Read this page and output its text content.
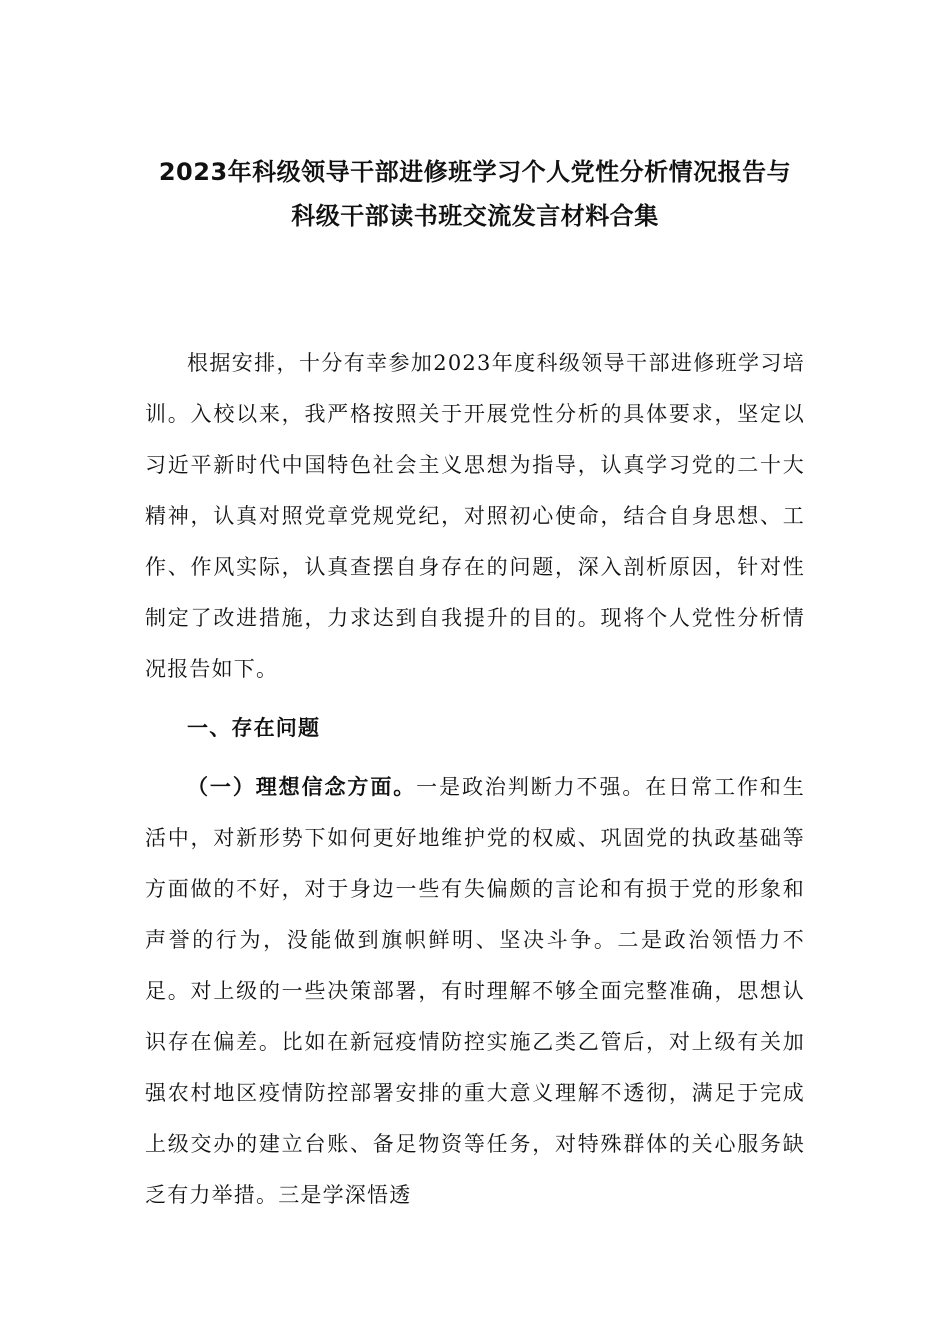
2023年科级领导干部进修班学习个人党性分析情况报告与
科级干部读书班交流发言材料合集

根据安排，十分有幸参加2023年度科级领导干部进修班学习培训。入校以来，我严格按照关于开展党性分析的具体要求，坚定以习近平新时代中国特色社会主义思想为指导，认真学习党的二十大精神，认真对照党章党规党纪，对照初心使命，结合自身思想、工作、作风实际，认真查摆自身存在的问题，深入剖析原因，针对性制定了改进措施，力求达到自我提升的目的。现将个人党性分析情况报告如下。

一、存在问题

（一）理想信念方面。一是政治判断力不强。在日常工作和生活中，对新形势下如何更好地维护党的权威、巩固党的执政基础等方面做的不好，对于身边一些有失偏颇的言论和有损于党的形象和声誉的行为，没能做到旗帜鲜明、坚决斗争。二是政治领悟力不足。对上级的一些决策部署，有时理解不够全面完整准确，思想认识存在偏差。比如在新冠疫情防控实施乙类乙管后，对上级有关加强农村地区疫情防控部署安排的重大意义理解不透彻，满足于完成上级交办的建立台账、备足物资等任务，对特殊群体的关心服务缺乏有力举措。三是学深悟透
